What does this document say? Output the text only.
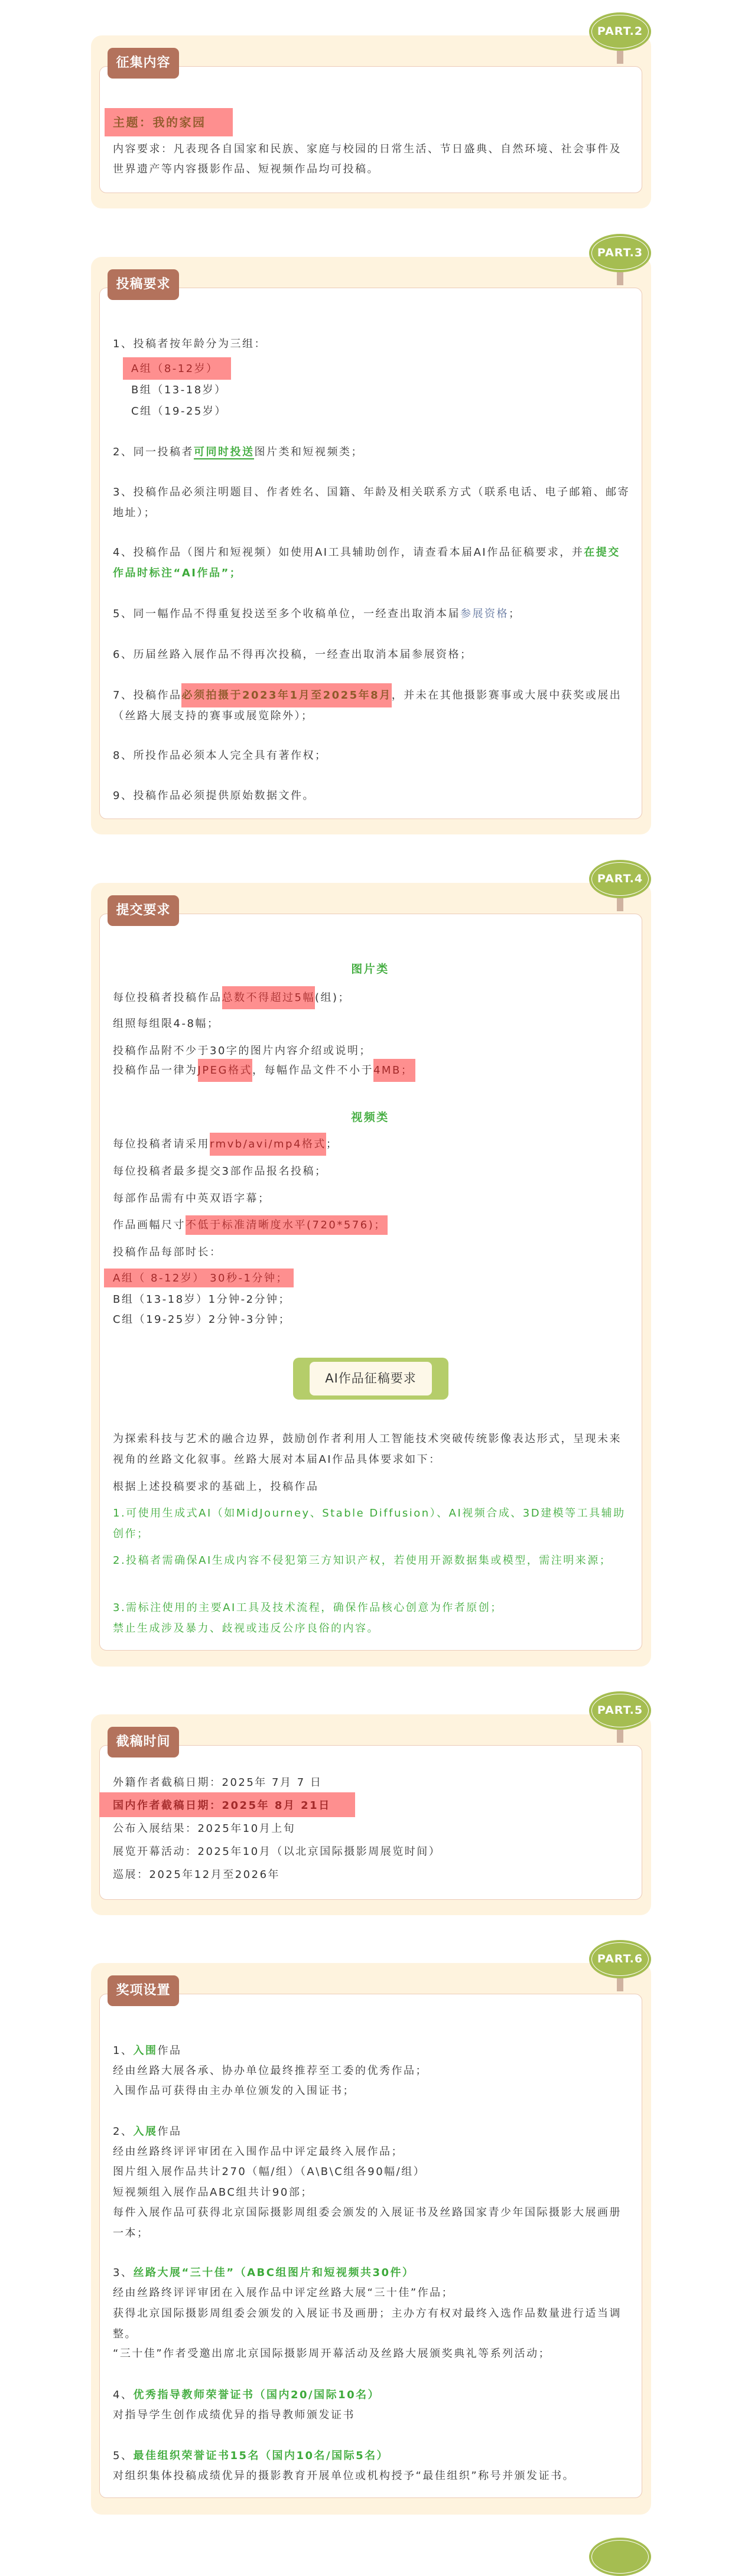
PART.2
征集内容
主题：我的家园
内容要求：凡表现各自国家和民族、家庭与校园的日常生活、节日盛典、自然环境、社会事件及世界遗产等内容摄影作品、短视频作品均可投稿。
PART.3
投稿要求
1、投稿者按年龄分为三组：
A组（8-12岁）
B组（13-18岁）
C组（19-25岁）
2、同一投稿者可同时投送图片类和短视频类；
3、投稿作品必须注明题目、作者姓名、国籍、年龄及相关联系方式（联系电话、电子邮箱、邮寄地址）；
4、投稿作品（图片和短视频）如使用AI工具辅助创作，请查看本届AI作品征稿要求，并在提交作品时标注“AI作品”；
5、同一幅作品不得重复投送至多个收稿单位，一经查出取消本届参展资格；
6、历届丝路入展作品不得再次投稿，一经查出取消本届参展资格；
7、投稿作品必须拍摄于2023年1月至2025年8月，并未在其他摄影赛事或大展中获奖或展出（丝路大展支持的赛事或展览除外）；
8、所投作品必须本人完全具有著作权；
9、投稿作品必须提供原始数据文件。
PART.4
提交要求
图片类
每位投稿者投稿作品总数不得超过5幅(组)；
组照每组限4-8幅；
投稿作品附不少于30字的图片内容介绍或说明；
投稿作品一律为JPEG格式，每幅作品文件不小于4MB；
视频类
每位投稿者请采用rmvb/avi/mp4格式；
每位投稿者最多提交3部作品报名投稿；
每部作品需有中英双语字幕；
作品画幅尺寸不低于标准清晰度水平(720*576)；
投稿作品每部时长：
A组（ 8-12岁） 30秒-1分钟；
B组（13-18岁）1分钟-2分钟；
C组（19-25岁）2分钟-3分钟；
AI作品征稿要求
为探索科技与艺术的融合边界，鼓励创作者利用人工智能技术突破传统影像表达形式，呈现未来视角的丝路文化叙事。丝路大展对本届AI作品具体要求如下：
根据上述投稿要求的基础上，投稿作品
1.可使用生成式AI（如MidJourney、Stable Diffusion）、AI视频合成、3D建模等工具辅助创作；
2.投稿者需确保AI生成内容不侵犯第三方知识产权，若使用开源数据集或模型，需注明来源；
3.需标注使用的主要AI工具及技术流程，确保作品核心创意为作者原创；
禁止生成涉及暴力、歧视或违反公序良俗的内容。
PART.5
截稿时间
外籍作者截稿日期：2025年 7月 7 日
国内作者截稿日期：2025年 8月 21日
公布入展结果：2025年10月上旬
展览开幕活动：2025年10月（以北京国际摄影周展览时间）
巡展：2025年12月至2026年
PART.6
奖项设置
1、入围作品
经由丝路大展各承、协办单位最终推荐至工委的优秀作品；
入围作品可获得由主办单位颁发的入围证书；
2、入展作品
经由丝路终评评审团在入围作品中评定最终入展作品；
图片组入展作品共计270（幅/组）（A\B\C组各90幅/组）
短视频组入展作品ABC组共计90部；
每件入展作品可获得北京国际摄影周组委会颁发的入展证书及丝路国家青少年国际摄影大展画册一本；
3、丝路大展“三十佳”（ABC组图片和短视频共30件）
经由丝路终评评审团在入展作品中评定丝路大展“三十佳”作品；
获得北京国际摄影周组委会颁发的入展证书及画册；主办方有权对最终入选作品数量进行适当调整。
“三十佳”作者受邀出席北京国际摄影周开幕活动及丝路大展颁奖典礼等系列活动；
4、优秀指导教师荣誉证书（国内20/国际10名）
对指导学生创作成绩优异的指导教师颁发证书
5、最佳组织荣誉证书15名（国内10名/国际5名）
对组织集体投稿成绩优异的摄影教育开展单位或机构授予“最佳组织”称号并颁发证书。
